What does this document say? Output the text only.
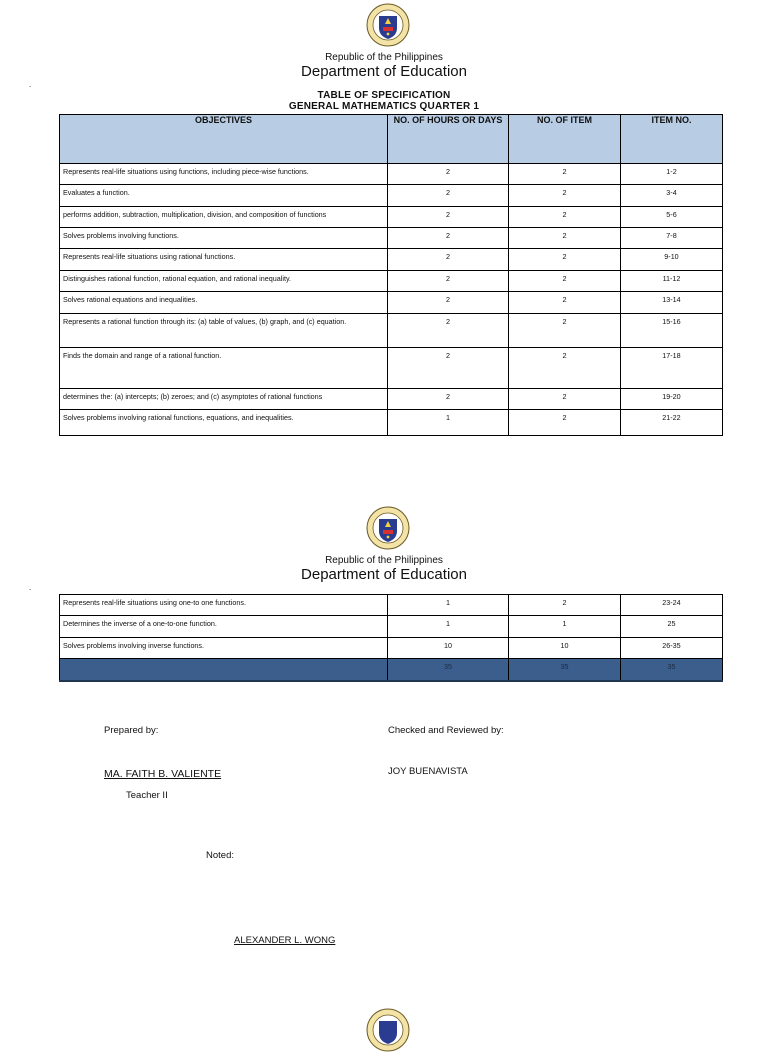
Republic of the Philippines
Department of Education
.
TABLE OF SPECIFICATION
GENERAL MATHEMATICS QUARTER 1
OBJECTIVES	NO. OF HOURS OR DAYS	NO. OF ITEM	ITEM NO.
Represents real-life situations using functions, including piece-wise functions.	2	2	1-2
Evaluates a function.	2	2	3-4
performs addition, subtraction, multiplication, division, and composition of functions	2	2	5-6
Solves problems involving functions.	2	2	7-8
Represents real-life situations using rational functions.	2	2	9-10
Distinguishes rational function, rational equation, and rational inequality.	2	2	11-12
Solves rational equations and inequalities.	2	2	13-14
Represents a rational function through its: (a) table of values, (b) graph, and (c) equation.	2	2	15-16
Finds the domain and range of a rational function.	2	2	17-18
determines the: (a) intercepts; (b) zeroes; and (c) asymptotes of rational functions	2	2	19-20
Solves problems involving rational functions, equations, and inequalities.	1	2	21-22
Republic of the Philippines
Department of Education
.
Represents real-life situations using one-to one functions.	1	2	23-24
Determines the inverse of a one-to-one function.	1	1	25
Solves problems involving inverse functions.	10	10	26-35
	35	35	35
Prepared by:	Checked and Reviewed by:
MA. FAITH B. VALIENTE	JOY BUENAVISTA
Teacher II
Noted:
ALEXANDER L. WONG
